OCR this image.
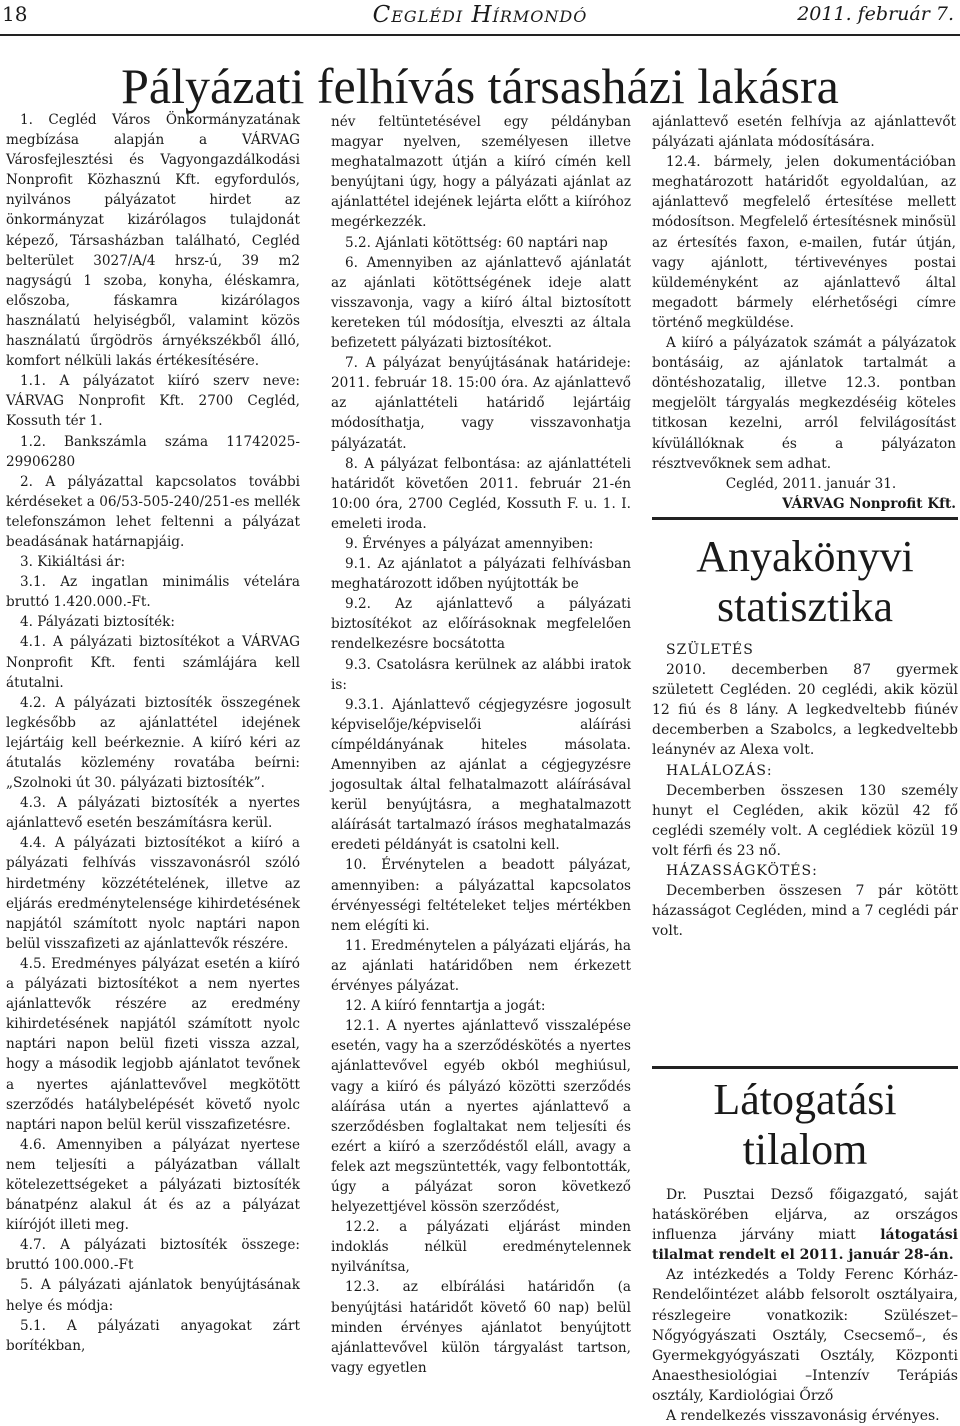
18	Ceglédi Hírmondó	2011. február 7.
Pályázati felhívás társasházi lakásra

1. Cegléd Város Önkormányzatának megbízása alapján a VÁRVAG Városfejlesztési és Vagyongazdálkodási Nonprofit Közhasznú Kft. egyfordulós, nyilvános pályázatot hirdet az önkormányzat kizárólagos tulajdonát képező, Társasházban található, Cegléd belterület 3027/A/4 hrsz-ú, 39 m2 nagyságú 1 szoba, konyha, éléskamra, előszoba, fáskamra kizárólagos használatú helyiségből, valamint közös használatú űrgödrös árnyékszékből álló, komfort nélküli lakás értékesítésére.

1.1. A pályázatot kiíró szerv neve: VÁRVAG Nonprofit Kft. 2700 Cegléd, Kossuth tér 1.

1.2. Bankszámla száma 11742025-29906280

2. A pályázattal kapcsolatos további kérdéseket a 06/53-505-240/251-es mellék telefonszámon lehet feltenni a pályázat beadásának határnapjáig.

3. Kikiáltási ár:

3.1. Az ingatlan minimális vételára bruttó 1.420.000.-Ft.

4. Pályázati biztosíték:

4.1. A pályázati biztosítékot a VÁRVAG Nonprofit Kft. fenti számlájára kell átutalni.

4.2. A pályázati biztosíték összegének legkésőbb az ajánlattétel idejének lejártáig kell beérkeznie. A kiíró kéri az átutalás közlemény rovatába beírni: „Szolnoki út 30. pályázati biztosíték”.

4.3. A pályázati biztosíték a nyertes ajánlattevő esetén beszámításra kerül.

4.4. A pályázati biztosítékot a kiíró a pályázati felhívás visszavonásról szóló hirdetmény közzétételének, illetve az eljárás eredménytelensége kihirdetésének napjától számított nyolc naptári napon belül visszafizeti az ajánlattevők részére.

4.5. Eredményes pályázat esetén a kiíró a pályázati biztosítékot a nem nyertes ajánlattevők részére az eredmény kihirdetésének napjától számított nyolc naptári napon belül fizeti vissza azzal, hogy a második legjobb ajánlatot tevőnek a nyertes ajánlattevővel megkötött szerződés hatálybelépését követő nyolc naptári napon belül kerül visszafizetésre.

4.6. Amennyiben a pályázat nyertese nem teljesíti a pályázatban vállalt kötelezettségeket a pályázati biztosíték bánatpénz alakul át és az a pályázat kiírójót illeti meg.

4.7. A pályázati biztosíték összege: bruttó 100.000.-Ft

5. A pályázati ajánlatok benyújtásának helye és módja:

5.1. A pályázati anyagokat zárt borítékban,

név feltüntetésével egy példányban magyar nyelven, személyesen illetve meghatalmazott útján a kiíró címén kell benyújtani úgy, hogy a pályázati ajánlat az ajánlattétel idejének lejárta előtt a kiíróhoz megérkezzék.

5.2. Ajánlati kötöttség: 60 naptári nap

6. Amennyiben az ajánlattevő ajánlatát az ajánlati kötöttségének ideje alatt visszavonja, vagy a kiíró által biztosított kereteken túl módosítja, elveszti az általa befizetett pályázati biztosítékot.

7. A pályázat benyújtásának határideje: 2011. február 18. 15:00 óra. Az ajánlattevő az ajánlattételi határidő lejártáig módosíthatja, vagy visszavonhatja pályázatát.

8. A pályázat felbontása: az ajánlattételi határidőt követően 2011. február 21-én 10:00 óra, 2700 Cegléd, Kossuth F. u. 1. I. emeleti iroda.

9. Érvényes a pályázat amennyiben:

9.1. Az ajánlatot a pályázati felhívásban meghatározott időben nyújtották be

9.2. Az ajánlattevő a pályázati biztosítékot az előírásoknak megfelelően rendelkezésre bocsátotta

9.3. Csatolásra kerülnek az alábbi iratok is:

9.3.1. Ajánlattevő cégjegyzésre jogosult képviselője/képviselői aláírási címpéldányának hiteles másolata. Amennyiben az ajánlat a cégjegyzésre jogosultak által felhatalmazott aláírásával kerül benyújtásra, a meghatalmazott aláírását tartalmazó írásos meghatalmazás eredeti példányát is csatolni kell.

10. Érvénytelen a beadott pályázat, amennyiben: a pályázattal kapcsolatos érvényességi feltételeket teljes mértékben nem elégíti ki.

11. Eredménytelen a pályázati eljárás, ha az ajánlati határidőben nem érkezett érvényes pályázat.

12. A kiíró fenntartja a jogát:

12.1. A nyertes ajánlattevő visszalépése esetén, vagy ha a szerződéskötés a nyertes ajánlattevővel egyéb okból meghiúsul, vagy a kiíró és pályázó közötti szerződés aláírása után a nyertes ajánlattevő a szerződésben foglaltakat nem teljesíti és ezért a kiíró a szerződéstől eláll, avagy a felek azt megszüntették, vagy felbontották, úgy a pályázat soron következő helyezettjével kössön szerződést,

12.2. a pályázati eljárást minden indoklás nélkül eredménytelennek nyilvánítsa,

12.3. az elbírálási határidőn (a benyújtási határidőt követő 60 nap) belül minden érvényes ajánlatot benyújtott ajánlattevővel külön tárgyalást tartson, vagy egyetlen

ajánlattevő esetén felhívja az ajánlattevőt pályázati ajánlata módosítására.

12.4. bármely, jelen dokumentációban meghatározott határidőt egyoldalúan, az ajánlattevő megfelelő értesítése mellett módosítson. Megfelelő értesítésnek minősül az értesítés faxon, e-mailen, futár útján, vagy ajánlott, tértivevényes postai küldeményként az ajánlattevő által megadott bármely elérhetőségi címre történő megküldése.

A kiíró a pályázatok számát a pályázatok bontásáig, az ajánlatok tartalmát a döntéshozatalig, illetve 12.3. pontban megjelölt tárgyalás megkezdéséig köteles titkosan kezelni, arról felvilágosítást kívülállóknak és a pályázaton résztvevőknek sem adhat.

Cegléd, 2011. január 31.

VÁRVAG Nonprofit Kft.

Anyakönyvi statisztika

SZÜLETÉS

2010. decemberben 87 gyermek született Cegléden. 20 ceglédi, akik közül 12 fiú és 8 lány. A legkedveltebb fiúnév decemberben a Szabolcs, a legkedveltebb leánynév az Alexa volt.

HALÁLOZÁS:

Decemberben összesen 130 személy hunyt el Cegléden, akik közül 42 fő ceglédi személy volt. A ceglédiek közül 19 volt férfi és 23 nő.

HÁZASSÁGKÖTÉS:

Decemberben összesen 7 pár kötött házasságot Cegléden, mind a 7 ceglédi pár volt.

Látogatási tilalom

Dr. Pusztai Dezső főigazgató, saját hatáskörében eljárva, az országos influenza járvány miatt látogatási tilalmat rendelt el 2011. január 28-án.

Az intézkedés a Toldy Ferenc Kórház-Rendelőintézet alább felsorolt osztályaira, részlegeire vonatkozik: Szülészet–Nőgyógyászati Osztály, Csecsemő–, és Gyermekgyógyászati Osztály, Központi Anaesthesiológiai –Intenzív Terápiás osztály, Kardiológiai Őrző

A rendelkezés visszavonásig érvényes.
